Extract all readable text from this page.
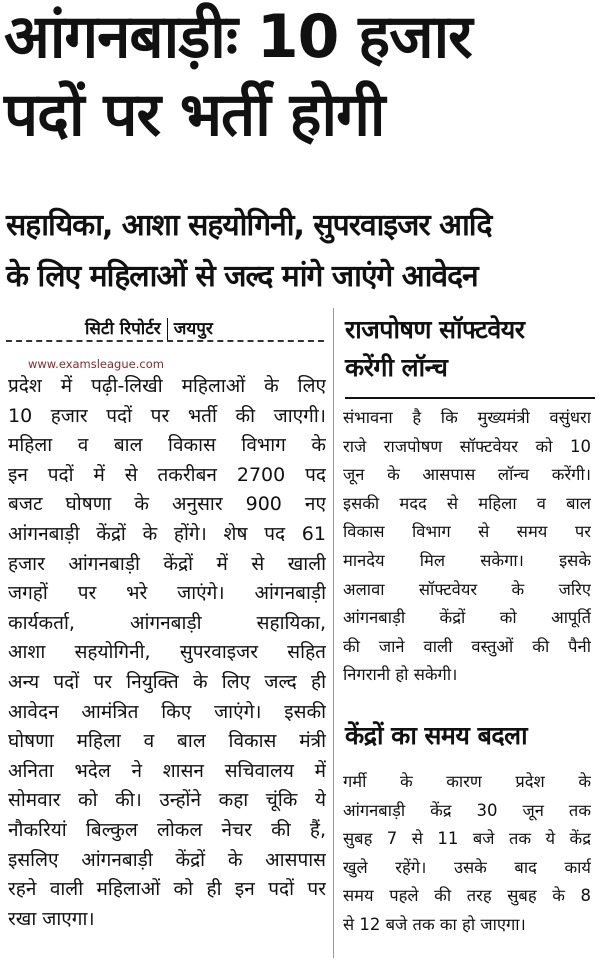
आंगनबाड़ीः 10 हजार
पदों पर भर्ती होगी
सहायिका, आशा सहयोगिनी, सुपरवाइजर आदि
के लिए महिलाओं से जल्द मांगे जाएंगे आवेदन
सिटी रिपोर्टर जयपुर
www.examsleague.com
प्रदेश में पढ़ी-लिखी महिलाओं के लिए
10 हजार पदों पर भर्ती की जाएगी।
महिला व बाल विकास विभाग के
इन पदों में से तकरीबन 2700 पद
बजट घोषणा के अनुसार 900 नए
आंगनबाड़ी केंद्रों के होंगे। शेष पद 61
हजार आंगनबाड़ी केंद्रों में से खाली
जगहों पर भरे जाएंगे। आंगनबाड़ी
कार्यकर्ता, आंगनबाड़ी सहायिका,
आशा सहयोगिनी, सुपरवाइजर सहित
अन्य पदों पर नियुक्ति के लिए जल्द ही
आवेदन आमंत्रित किए जाएंगे। इसकी
घोषणा महिला व बाल विकास मंत्री
अनिता भदेल ने शासन सचिवालय में
सोमवार को की। उन्होंने कहा चूंकि ये
नौकरियां बिल्कुल लोकल नेचर की हैं,
इसलिए आंगनबाड़ी केंद्रों के आसपास
रहने वाली महिलाओं को ही इन पदों पर
रखा जाएगा।
राजपोषण सॉफ्टवेयर
करेंगी लॉन्च
संभावना है कि मुख्यमंत्री वसुंधरा
राजे राजपोषण सॉफ्टवेयर को 10
जून के आसपास लॉन्च करेंगी।
इसकी मदद से महिला व बाल
विकास विभाग से समय पर
मानदेय मिल सकेगा। इसके
अलावा सॉफ्टवेयर के जरिए
आंगनबाड़ी केंद्रों को आपूर्ति
की जाने वाली वस्तुओं की पैनी
निगरानी हो सकेगी।
केंद्रों का समय बदला
गर्मी के कारण प्रदेश के
आंगनबाड़ी केंद्र 30 जून तक
सुबह 7 से 11 बजे तक ये केंद्र
खुले रहेंगे। उसके बाद कार्य
समय पहले की तरह सुबह के 8
से 12 बजे तक का हो जाएगा।
